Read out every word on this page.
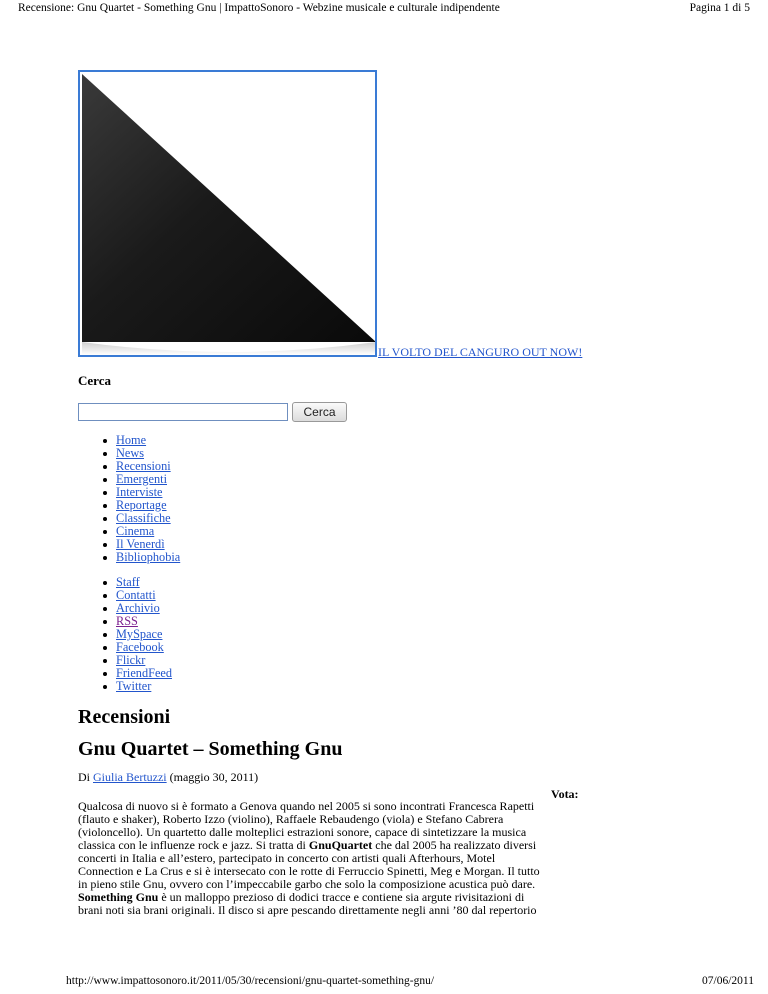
Recensione: Gnu Quartet - Something Gnu | ImpattoSonoro - Webzine musicale e culturale indipendente	Pagina 1 di 5
IL VOLTO DEL CANGURO OUT NOW!
Cerca
Cerca
Home
News
Recensioni
Emergenti
Interviste
Reportage
Classifiche
Cinema
Il Venerdì
Bibliophobia
Staff
Contatti
Archivio
RSS
MySpace
Facebook
Flickr
FriendFeed
Twitter
Recensioni
Gnu Quartet – Something Gnu
Di Giulia Bertuzzi (maggio 30, 2011)
Vota:
Qualcosa di nuovo si è formato a Genova quando nel 2005 si sono incontrati Francesca Rapetti
(flauto e shaker), Roberto Izzo (violino), Raffaele Rebaudengo (viola) e Stefano Cabrera
(violoncello). Un quartetto dalle molteplici estrazioni sonore, capace di sintetizzare la musica
classica con le influenze rock e jazz. Si tratta di GnuQuartet che dal 2005 ha realizzato diversi
concerti in Italia e all’estero, partecipato in concerto con artisti quali Afterhours, Motel
Connection e La Crus e si è intersecato con le rotte di Ferruccio Spinetti, Meg e Morgan. Il tutto
in pieno stile Gnu, ovvero con l’impeccabile garbo che solo la composizione acustica può dare.
Something Gnu è un malloppo prezioso di dodici tracce e contiene sia argute rivisitazioni di
brani noti sia brani originali. Il disco si apre pescando direttamente negli anni ’80 dal repertorio
http://www.impattosonoro.it/2011/05/30/recensioni/gnu-quartet-something-gnu/	07/06/2011
